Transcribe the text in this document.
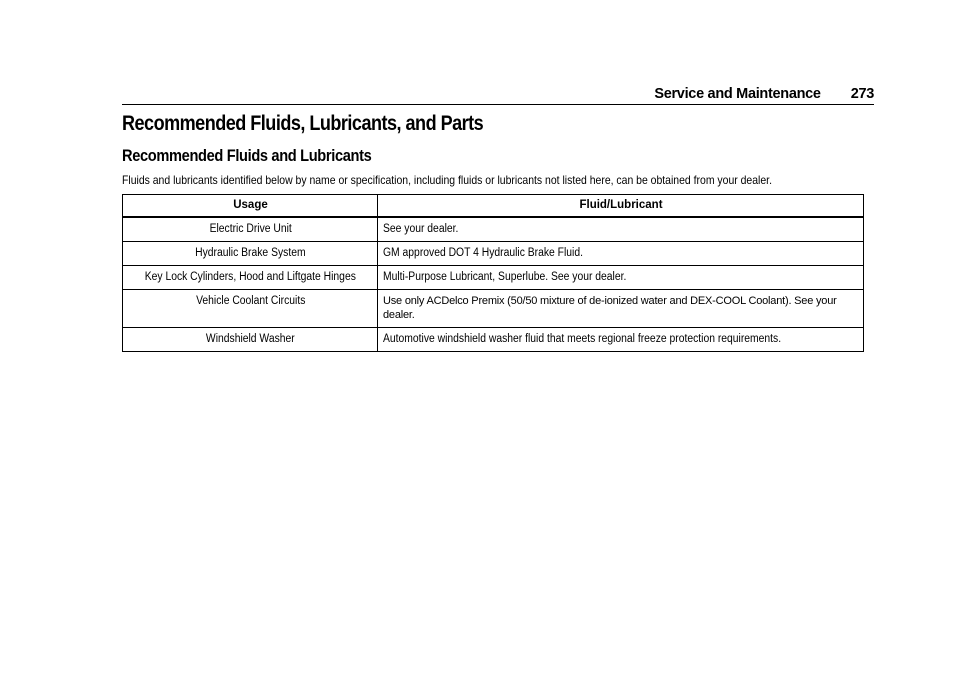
Service and Maintenance	273
Recommended Fluids, Lubricants, and Parts
Recommended Fluids and Lubricants
Fluids and lubricants identified below by name or specification, including fluids or lubricants not listed here, can be obtained from your dealer.
Usage	Fluid/Lubricant
Electric Drive Unit	See your dealer.
Hydraulic Brake System	GM approved DOT 4 Hydraulic Brake Fluid.
Key Lock Cylinders, Hood and Liftgate Hinges	Multi-Purpose Lubricant, Superlube. See your dealer.
Vehicle Coolant Circuits	Use only ACDelco Premix (50/50 mixture of de-ionized water and DEX-COOL Coolant). See your dealer.

Windshield Washer	Automotive windshield washer fluid that meets regional freeze protection requirements.
